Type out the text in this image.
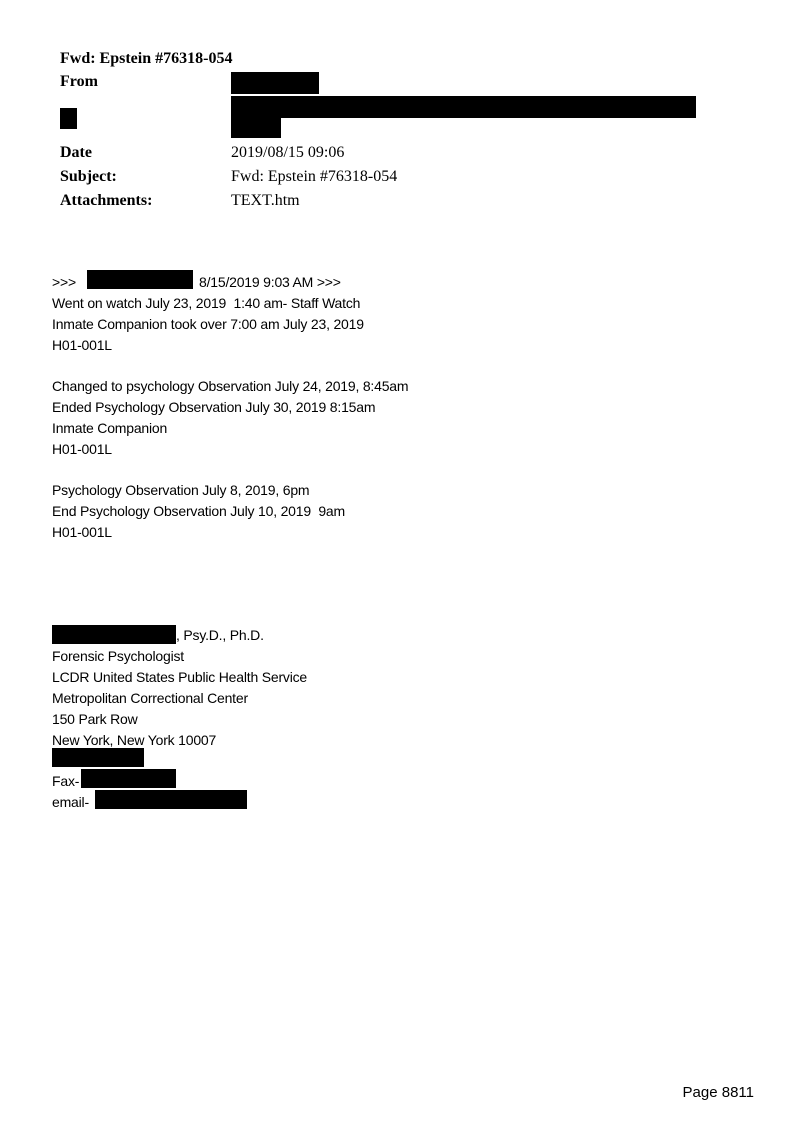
Fwd: Epstein #76318-054
From
Date	2019/08/15 09:06
Subject:	Fwd: Epstein #76318-054
Attachments:	TEXT.htm
>>>	8/15/2019 9:03 AM >>>
Went on watch July 23, 2019  1:40 am- Staff Watch
Inmate Companion took over 7:00 am July 23, 2019
H01-001L
Changed to psychology Observation July 24, 2019, 8:45am
Ended Psychology Observation July 30, 2019 8:15am
Inmate Companion
H01-001L
Psychology Observation July 8, 2019, 6pm
End Psychology Observation July 10, 2019  9am
H01-001L
, Psy.D., Ph.D.
Forensic Psychologist
LCDR United States Public Health Service
Metropolitan Correctional Center
150 Park Row
New York, New York 10007
Fax-
email-
Page 8811
